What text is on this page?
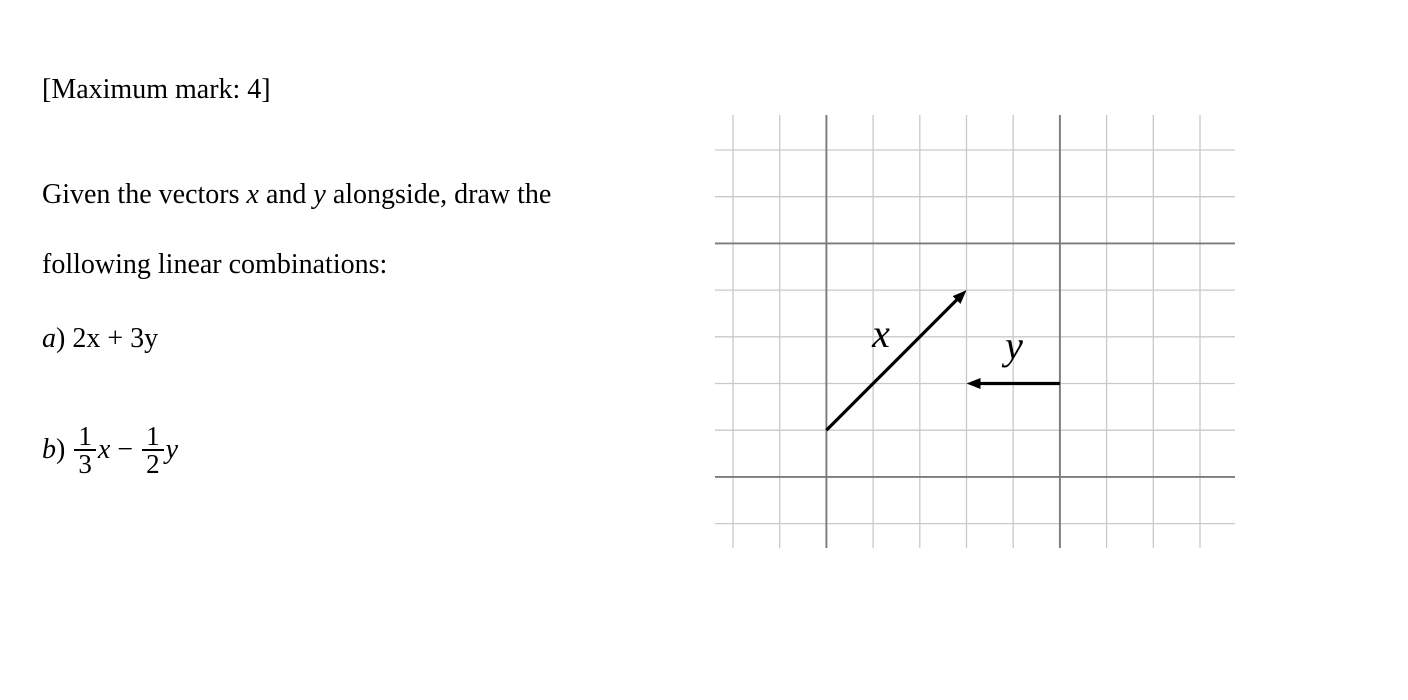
[Maximum mark: 4]
Given the vectors x and y alongside, draw the
following linear combinations:
a) 2x + 3y
$b) \frac{1}{3}$ $x - \frac{1}{2}$ y
x	y
